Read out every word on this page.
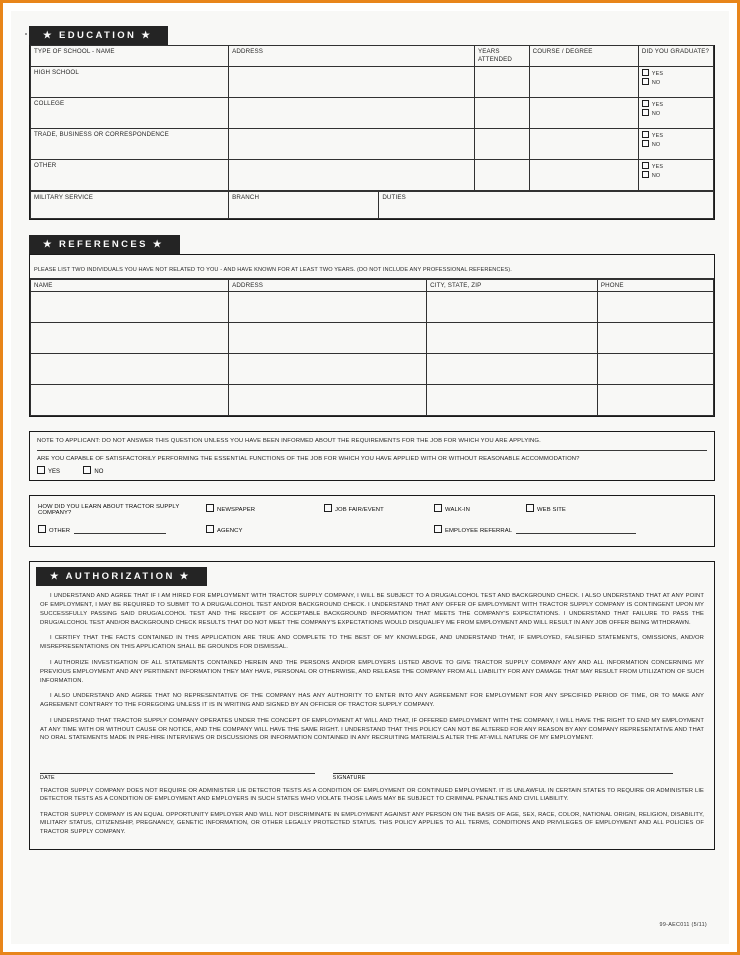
★ EDUCATION ★
TYPE OF SCHOOL - NAME	ADDRESS	YEARS ATTENDED	COURSE / DEGREE	DID YOU GRADUATE?
HIGH SCHOOL				YES
NO

COLLEGE				YES
NO

TRADE, BUSINESS OR CORRESPONDENCE				YES
NO

OTHER				YES
NO
MILITARY SERVICE	BRANCH	DUTIES
★ REFERENCES ★
PLEASE LIST TWO INDIVIDUALS YOU HAVE NOT RELATED TO YOU - AND HAVE KNOWN FOR AT LEAST TWO YEARS. (DO NOT INCLUDE ANY PROFESSIONAL REFERENCES).
NAME	ADDRESS	CITY, STATE, ZIP	PHONE

NOTE TO APPLICANT: DO NOT ANSWER THIS QUESTION UNLESS YOU HAVE BEEN INFORMED ABOUT THE REQUIREMENTS FOR THE JOB FOR WHICH YOU ARE APPLYING.
ARE YOU CAPABLE OF SATISFACTORILY PERFORMING THE ESSENTIAL FUNCTIONS OF THE JOB FOR WHICH YOU HAVE APPLIED WITH OR WITHOUT REASONABLE ACCOMMODATION?
YES	NO
HOW DID YOU LEARN ABOUT TRACTOR SUPPLY COMPANY?	NEWSPAPER	JOB FAIR/EVENT	WALK-IN	WEB SITE
OTHER	AGENCY	EMPLOYEE REFERRAL
★ AUTHORIZATION ★
I UNDERSTAND AND AGREE THAT IF I AM HIRED FOR EMPLOYMENT WITH TRACTOR SUPPLY COMPANY, I WILL BE SUBJECT TO A DRUG/ALCOHOL TEST AND BACKGROUND CHECK. I ALSO UNDERSTAND THAT AT ANY POINT OF EMPLOYMENT, I MAY BE REQUIRED TO SUBMIT TO A DRUG/ALCOHOL TEST AND/OR BACKGROUND CHECK. I UNDERSTAND THAT ANY OFFER OF EMPLOYMENT WITH TRACTOR SUPPLY COMPANY IS CONTINGENT UPON MY SUCCESSFULLY PASSING SAID DRUG/ALCOHOL TEST AND THE RECEIPT OF ACCEPTABLE BACKGROUND INFORMATION THAT MEETS THE COMPANY'S EXPECTATIONS. I UNDERSTAND THAT FAILURE TO PASS THE DRUG/ALCOHOL TEST AND/OR BACKGROUND CHECK RESULTS THAT DO NOT MEET THE COMPANY'S EXPECTATIONS WOULD DISQUALIFY ME FROM EMPLOYMENT AND WILL RESULT IN ANY JOB OFFER BEING WITHDRAWN.
I CERTIFY THAT THE FACTS CONTAINED IN THIS APPLICATION ARE TRUE AND COMPLETE TO THE BEST OF MY KNOWLEDGE, AND UNDERSTAND THAT, IF EMPLOYED, FALSIFIED STATEMENTS, OMISSIONS, AND/OR MISREPRESENTATIONS ON THIS APPLICATION SHALL BE GROUNDS FOR DISMISSAL.
I AUTHORIZE INVESTIGATION OF ALL STATEMENTS CONTAINED HEREIN AND THE PERSONS AND/OR EMPLOYERS LISTED ABOVE TO GIVE TRACTOR SUPPLY COMPANY ANY AND ALL INFORMATION CONCERNING MY PREVIOUS EMPLOYMENT AND ANY PERTINENT INFORMATION THEY MAY HAVE, PERSONAL OR OTHERWISE, AND RELEASE THE COMPANY FROM ALL LIABILITY FOR ANY DAMAGE THAT MAY RESULT FROM UTILIZATION OF SUCH INFORMATION.
I ALSO UNDERSTAND AND AGREE THAT NO REPRESENTATIVE OF THE COMPANY HAS ANY AUTHORITY TO ENTER INTO ANY AGREEMENT FOR EMPLOYMENT FOR ANY SPECIFIED PERIOD OF TIME, OR TO MAKE ANY AGREEMENT CONTRARY TO THE FOREGOING UNLESS IT IS IN WRITING AND SIGNED BY AN OFFICER OF TRACTOR SUPPLY COMPANY.
I UNDERSTAND THAT TRACTOR SUPPLY COMPANY OPERATES UNDER THE CONCEPT OF EMPLOYMENT AT WILL AND THAT, IF OFFERED EMPLOYMENT WITH THE COMPANY, I WILL HAVE THE RIGHT TO END MY EMPLOYMENT AT ANY TIME WITH OR WITHOUT CAUSE OR NOTICE, AND THE COMPANY WILL HAVE THE SAME RIGHT. I UNDERSTAND THAT THIS POLICY CAN NOT BE ALTERED FOR ANY REASON BY ANY COMPANY REPRESENTATIVE AND THAT NO ORAL STATEMENTS MADE IN PRE-HIRE INTERVIEWS OR DISCUSSIONS OR INFORMATION CONTAINED IN ANY RECRUITING MATERIALS ALTER THE AT-WILL NATURE OF MY EMPLOYMENT.
DATE	SIGNATURE
TRACTOR SUPPLY COMPANY DOES NOT REQUIRE OR ADMINISTER LIE DETECTOR TESTS AS A CONDITION OF EMPLOYMENT OR CONTINUED EMPLOYMENT. IT IS UNLAWFUL IN CERTAIN STATES TO REQUIRE OR ADMINISTER LIE DETECTOR TESTS AS A CONDITION OF EMPLOYMENT AND EMPLOYERS IN SUCH STATES WHO VIOLATE THOSE LAWS MAY BE SUBJECT TO CRIMINAL PENALTIES AND CIVIL LIABILITY.
TRACTOR SUPPLY COMPANY IS AN EQUAL OPPORTUNITY EMPLOYER AND WILL NOT DISCRIMINATE IN EMPLOYMENT AGAINST ANY PERSON ON THE BASIS OF AGE, SEX, RACE, COLOR, NATIONAL ORIGIN, RELIGION, DISABILITY, MILITARY STATUS, CITIZENSHIP, PREGNANCY, GENETIC INFORMATION, OR OTHER LEGALLY PROTECTED STATUS. THIS POLICY APPLIES TO ALL TERMS, CONDITIONS AND PRIVILEGES OF EMPLOYMENT AND ALL POLICIES OF TRACTOR SUPPLY COMPANY.
99-AEC011 (5/11)
